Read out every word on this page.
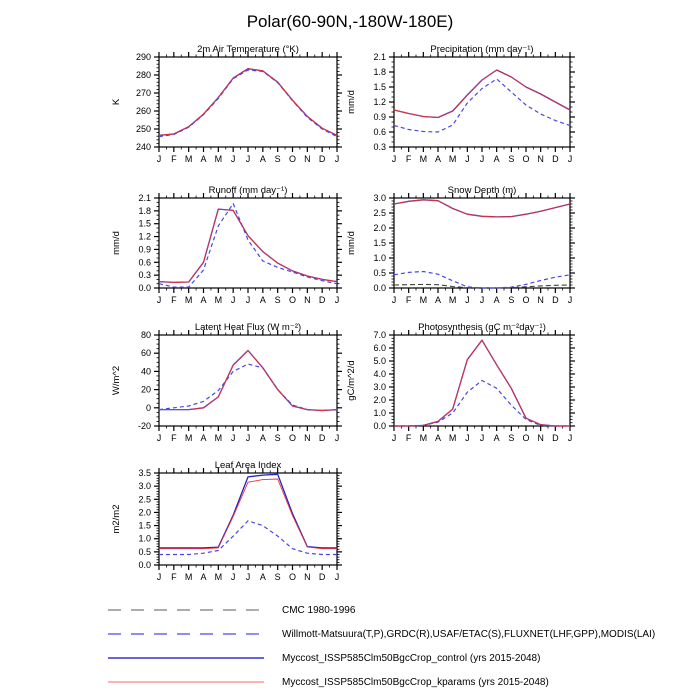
Polar(60-90N,-180W-180E)
2m Air Temperature (°K)
K
240
250
260
270
280
290
J F M A M J J A S O N D J
Precipitation (mm day⁻¹)
mm/d
0.3
0.6
0.9
1.2
1.5
1.8
2.1
J F M A M J J A S O N D J
Runoff (mm day⁻¹)
mm/d
0.0
0.3
0.6
0.9
1.2
1.5
1.8
2.1
J F M A M J J A S O N D J
Snow Depth (m)
mm/d
0.0
0.5
1.0
1.5
2.0
2.5
3.0
J F M A M J J A S O N D J
Latent Heat Flux (W m⁻²)
W/m^2
-20
0
20
40
60
80
J F M A M J J A S O N D J
Photosynthesis (gC m⁻²day⁻¹)
gC/m^2/d
0.0
1.0
2.0
3.0
4.0
5.0
6.0
7.0
J F M A M J J A S O N D J
Leaf Area Index
m2/m2
0.0
0.5
1.0
1.5
2.0
2.5
3.0
3.5
J F M A M J J A S O N D J
CMC 1980-1996
Willmott-Matsuura(T,P),GRDC(R),USAF/ETAC(S),FLUXNET(LHF,GPP),MODIS(LAI)
Myccost_ISSP585Clm50BgcCrop_control (yrs 2015-2048)
Myccost_ISSP585Clm50BgcCrop_kparams (yrs 2015-2048)
